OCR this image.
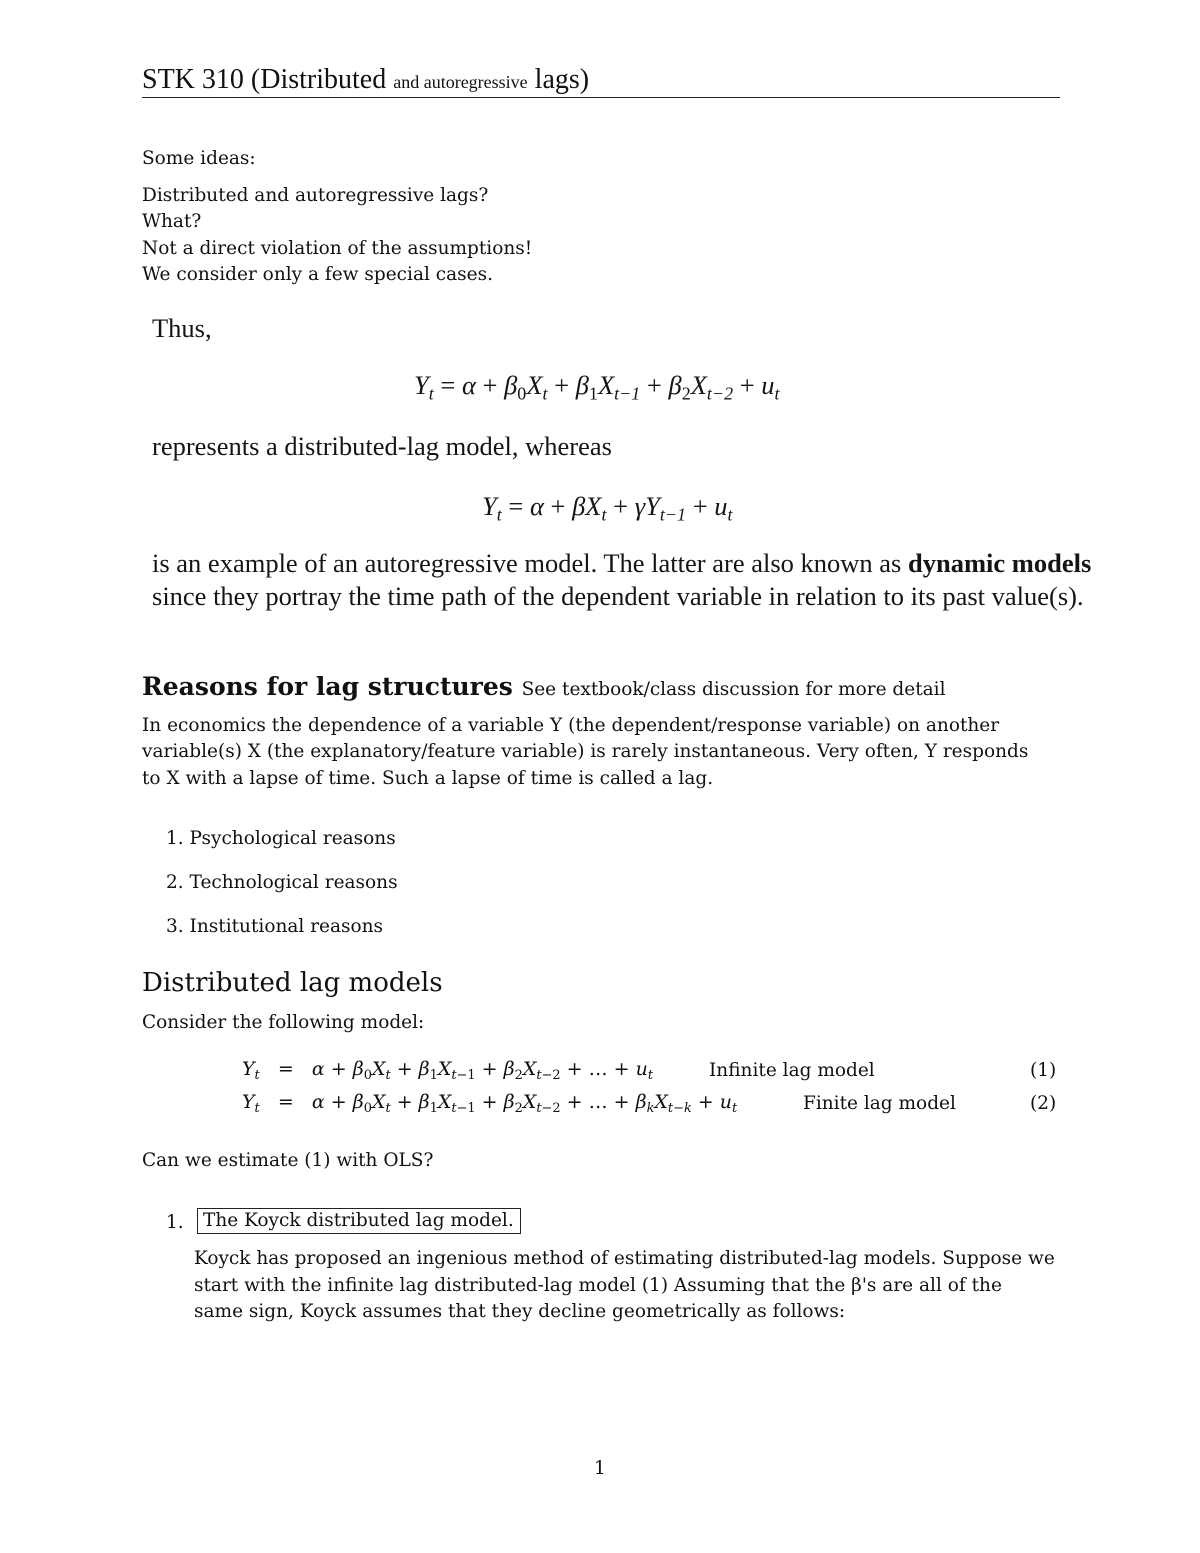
STK 310 (Distributed and autoregressive lags)
Some ideas:
Distributed and autoregressive lags?
What?
Not a direct violation of the assumptions!
We consider only a few special cases.
Thus,
$Y_t = \alpha + \beta_0X_t + \beta_1X_{t-1} + \beta_2X_{t-2} + u_t$
represents a distributed-lag model, whereas
$Y_t = \alpha + \beta X_t + \gamma Y_{t-1} + u_t$
is an example of an autoregressive model. The latter are also known as dynamic models
since they portray the time path of the dependent variable in relation to its past value(s).
Reasons for lag structures See textbook/class discussion for more detail
In economics the dependence of a variable Y (the dependent/response variable) on another
variable(s) X (the explanatory/feature variable) is rarely instantaneous. Very often, Y responds
to X with a lapse of time. Such a lapse of time is called a lag.
1. Psychological reasons
2. Technological reasons
3. Institutional reasons
Distributed lag models
Consider the following model:
$Y_t = \alpha + \beta_0X_t + \beta_1X_{t-1} + \beta_2X_{t-2}$ + … + $u_t$	Infinite lag model	(1)
$Y_t = \alpha + \beta_0X_t + \beta_1X_{t-1} + \beta_2X_{t-2}$ + … + $\beta_kX_{t-k} + u_t$	Finite lag model	(2)
Can we estimate (1) with OLS?
1.	The Koyck distributed lag model.
Koyck has proposed an ingenious method of estimating distributed-lag models. Suppose we
start with the infinite lag distributed-lag model (1) Assuming that the β's are all of the
same sign, Koyck assumes that they decline geometrically as follows:
1
